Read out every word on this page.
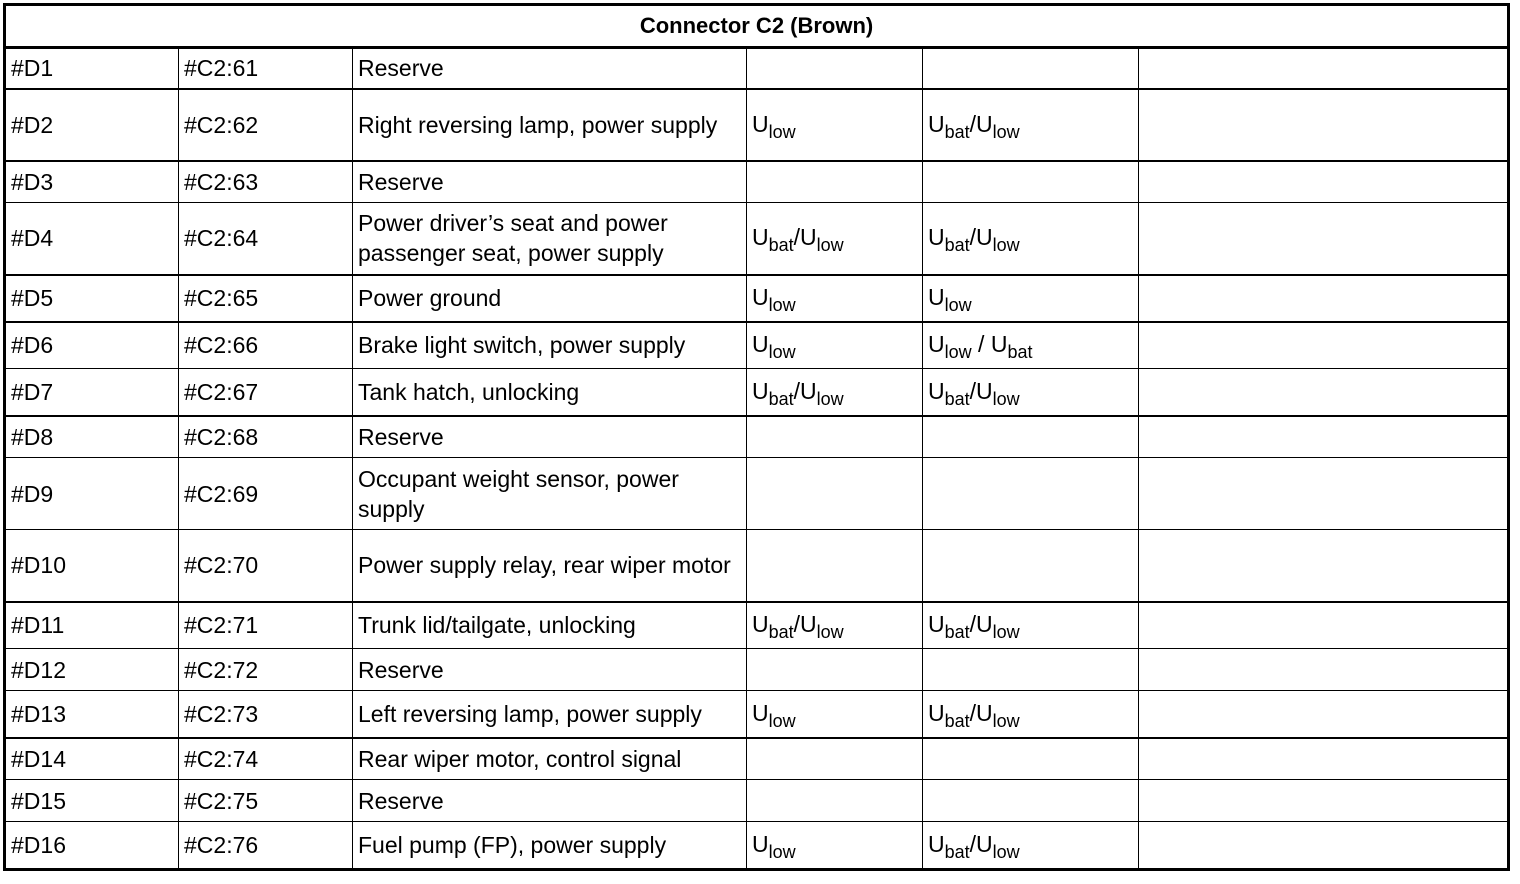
Connector C2 (Brown)					
#D1	#C2:61	Reserve			
#D2	#C2:62	Right reversing lamp, power supply	$U_{low}$	$U_{bat}/U_{low}$	
#D3	#C2:63	Reserve			
#D4	#C2:64	Power driver’s seat and power passenger seat, power supply	$U_{bat}/U_{low}$	$U_{bat}/U_{low}$	
#D5	#C2:65	Power ground	$U_{low}$	$U_{low}$	
#D6	#C2:66	Brake light switch, power supply	$U_{low}$	$U_{low} / U_{bat}$	
#D7	#C2:67	Tank hatch, unlocking	$U_{bat}/U_{low}$	$U_{bat}/U_{low}$	
#D8	#C2:68	Reserve			
#D9	#C2:69	Occupant weight sensor, power supply			
#D10	#C2:70	Power supply relay, rear wiper motor			
#D11	#C2:71	Trunk lid/tailgate, unlocking	$U_{bat}/U_{low}$	$U_{bat}/U_{low}$	
#D12	#C2:72	Reserve			
#D13	#C2:73	Left reversing lamp, power supply	$U_{low}$	$U_{bat}/U_{low}$	
#D14	#C2:74	Rear wiper motor, control signal			
#D15	#C2:75	Reserve			
#D16	#C2:76	Fuel pump (FP), power supply	$U_{low}$	$U_{bat}/U_{low}$	
